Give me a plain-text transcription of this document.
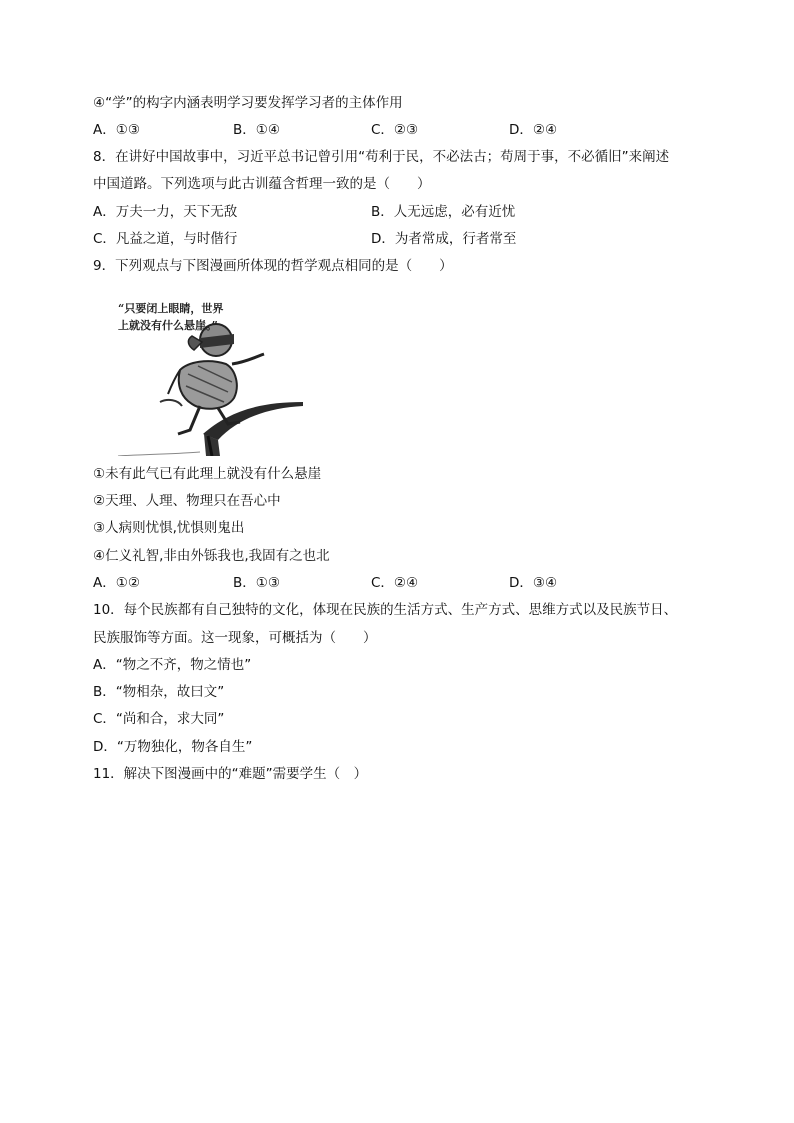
④“学”的构字内涵表明学习要发挥学习者的主体作用
A．①③	B．①④	C．②③	D．②④
8．在讲好中国故事中，习近平总书记曾引用“苟利于民，不必法古；苟周于事，不必循旧”来阐述
中国道路。下列选项与此古训蕴含哲理一致的是（　　）
A．万夫一力，天下无敌	B．人无远虑，必有近忧
C．凡益之道，与时偕行	D．为者常成，行者常至
9．下列观点与下图漫画所体现的哲学观点相同的是（　　）
“只要闭上眼睛，世界
上就没有什么悬崖。”
①未有此气已有此理上就没有什么悬崖
②天理、人理、物理只在吾心中
③人病则忧惧,忧惧则鬼出
④仁义礼智,非由外铄我也,我固有之也北
A．①②	B．①③	C．②④	D．③④
10．每个民族都有自己独特的文化，体现在民族的生活方式、生产方式、思维方式以及民族节日、
民族服饰等方面。这一现象，可概括为（　　）
A．“物之不齐，物之情也”
B．“物相杂，故曰文”
C．“尚和合，求大同”
D．“万物独化，物各自生”
11．解决下图漫画中的“难题”需要学生（　）
